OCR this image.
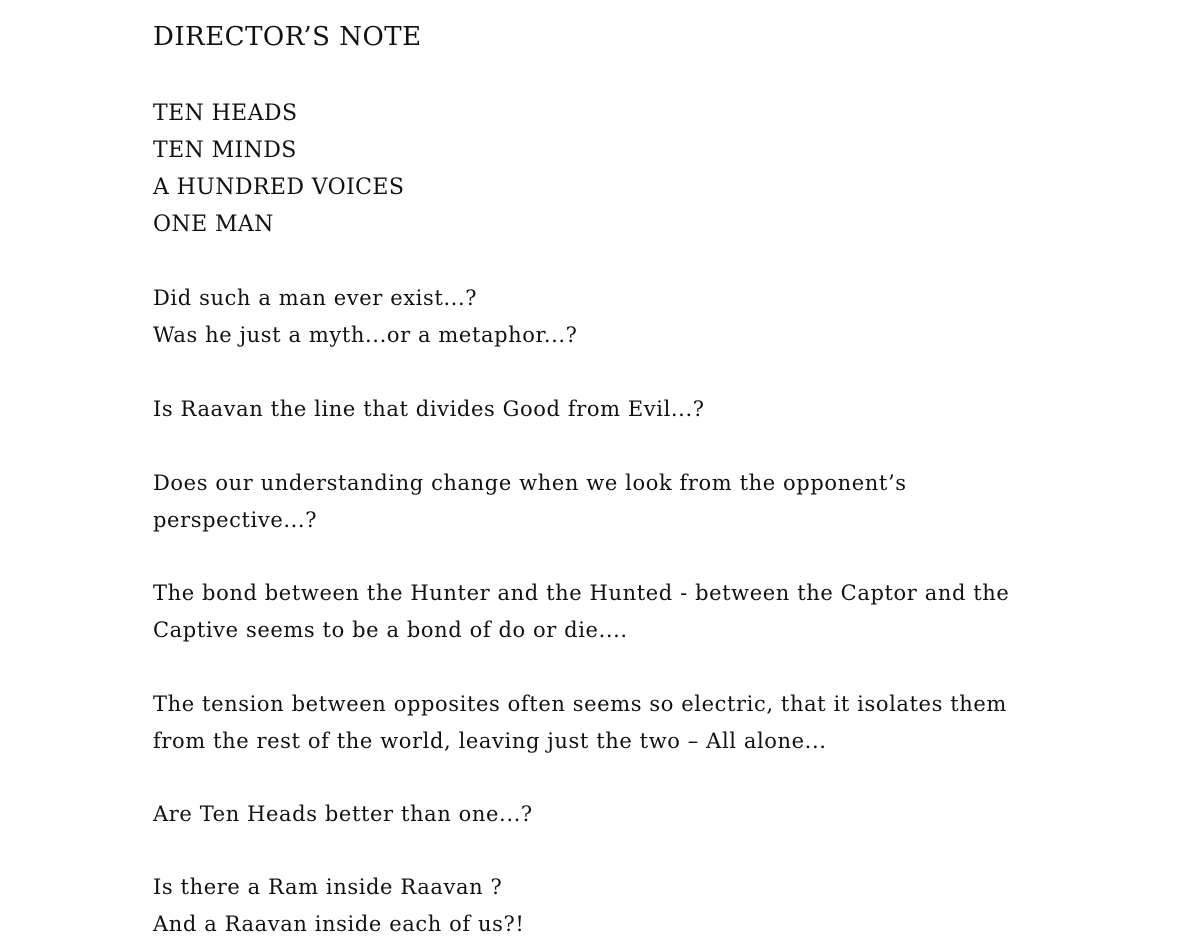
DIRECTOR’S NOTE
TEN HEADS
TEN MINDS
A HUNDRED VOICES
ONE MAN
Did such a man ever exist...?
Was he just a myth...or a metaphor...?
Is Raavan the line that divides Good from Evil...?
Does our understanding change when we look from the opponent’s
perspective...?
The bond between the Hunter and the Hunted - between the Captor and the
Captive seems to be a bond of do or die....
The tension between opposites often seems so electric, that it isolates them
from the rest of the world, leaving just the two – All alone...
Are Ten Heads better than one...?
Is there a Ram inside Raavan ?
And a Raavan inside each of us?!
